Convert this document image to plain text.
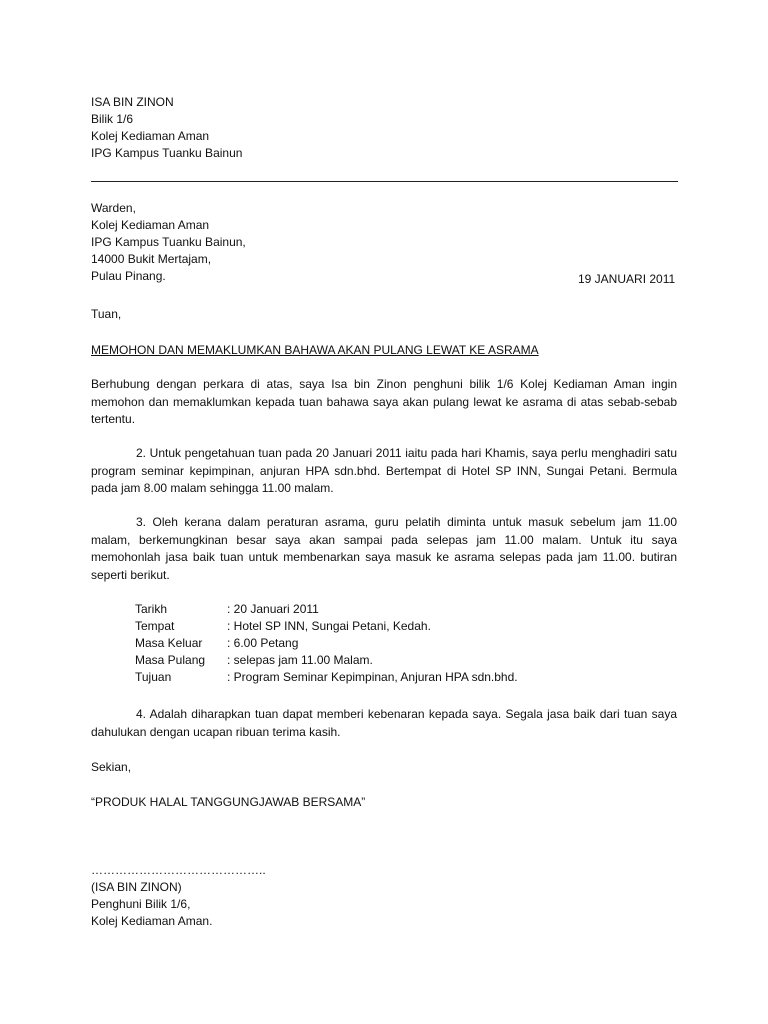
ISA BIN ZINON
Bilik 1/6
Kolej Kediaman Aman
IPG Kampus Tuanku Bainun
Warden,
Kolej Kediaman Aman
IPG Kampus Tuanku Bainun,
14000 Bukit Mertajam,
Pulau Pinang.	19 JANUARI 2011
Tuan,
MEMOHON DAN MEMAKLUMKAN BAHAWA AKAN PULANG LEWAT KE ASRAMA
Berhubung dengan perkara di atas, saya Isa bin Zinon penghuni bilik 1/6 Kolej Kediaman Aman ingin memohon dan memaklumkan kepada tuan bahawa saya akan pulang lewat ke asrama di atas sebab-sebab tertentu.
2. Untuk pengetahuan tuan pada 20 Januari 2011 iaitu pada hari Khamis, saya perlu menghadiri satu program seminar kepimpinan, anjuran HPA sdn.bhd. Bertempat di Hotel SP INN, Sungai Petani. Bermula pada jam 8.00 malam sehingga 11.00 malam.
3. Oleh kerana dalam peraturan asrama, guru pelatih diminta untuk masuk sebelum jam 11.00 malam, berkemungkinan besar saya akan sampai pada selepas jam 11.00 malam. Untuk itu saya memohonlah jasa baik tuan untuk membenarkan saya masuk ke asrama selepas pada jam 11.00. butiran seperti berikut.
Tarikh	: 20 Januari 2011
Tempat	: Hotel SP INN, Sungai Petani, Kedah.
Masa Keluar : 6.00 Petang
Masa Pulang : selepas jam 11.00 Malam.
Tujuan	: Program Seminar Kepimpinan, Anjuran HPA sdn.bhd.
4. Adalah diharapkan tuan dapat memberi kebenaran kepada saya. Segala jasa baik dari tuan saya dahulukan dengan ucapan ribuan terima kasih.
Sekian,
“PRODUK HALAL TANGGUNGJAWAB BERSAMA”
……………………………………..
(ISA BIN ZINON)
Penghuni Bilik 1/6,
Kolej Kediaman Aman.
